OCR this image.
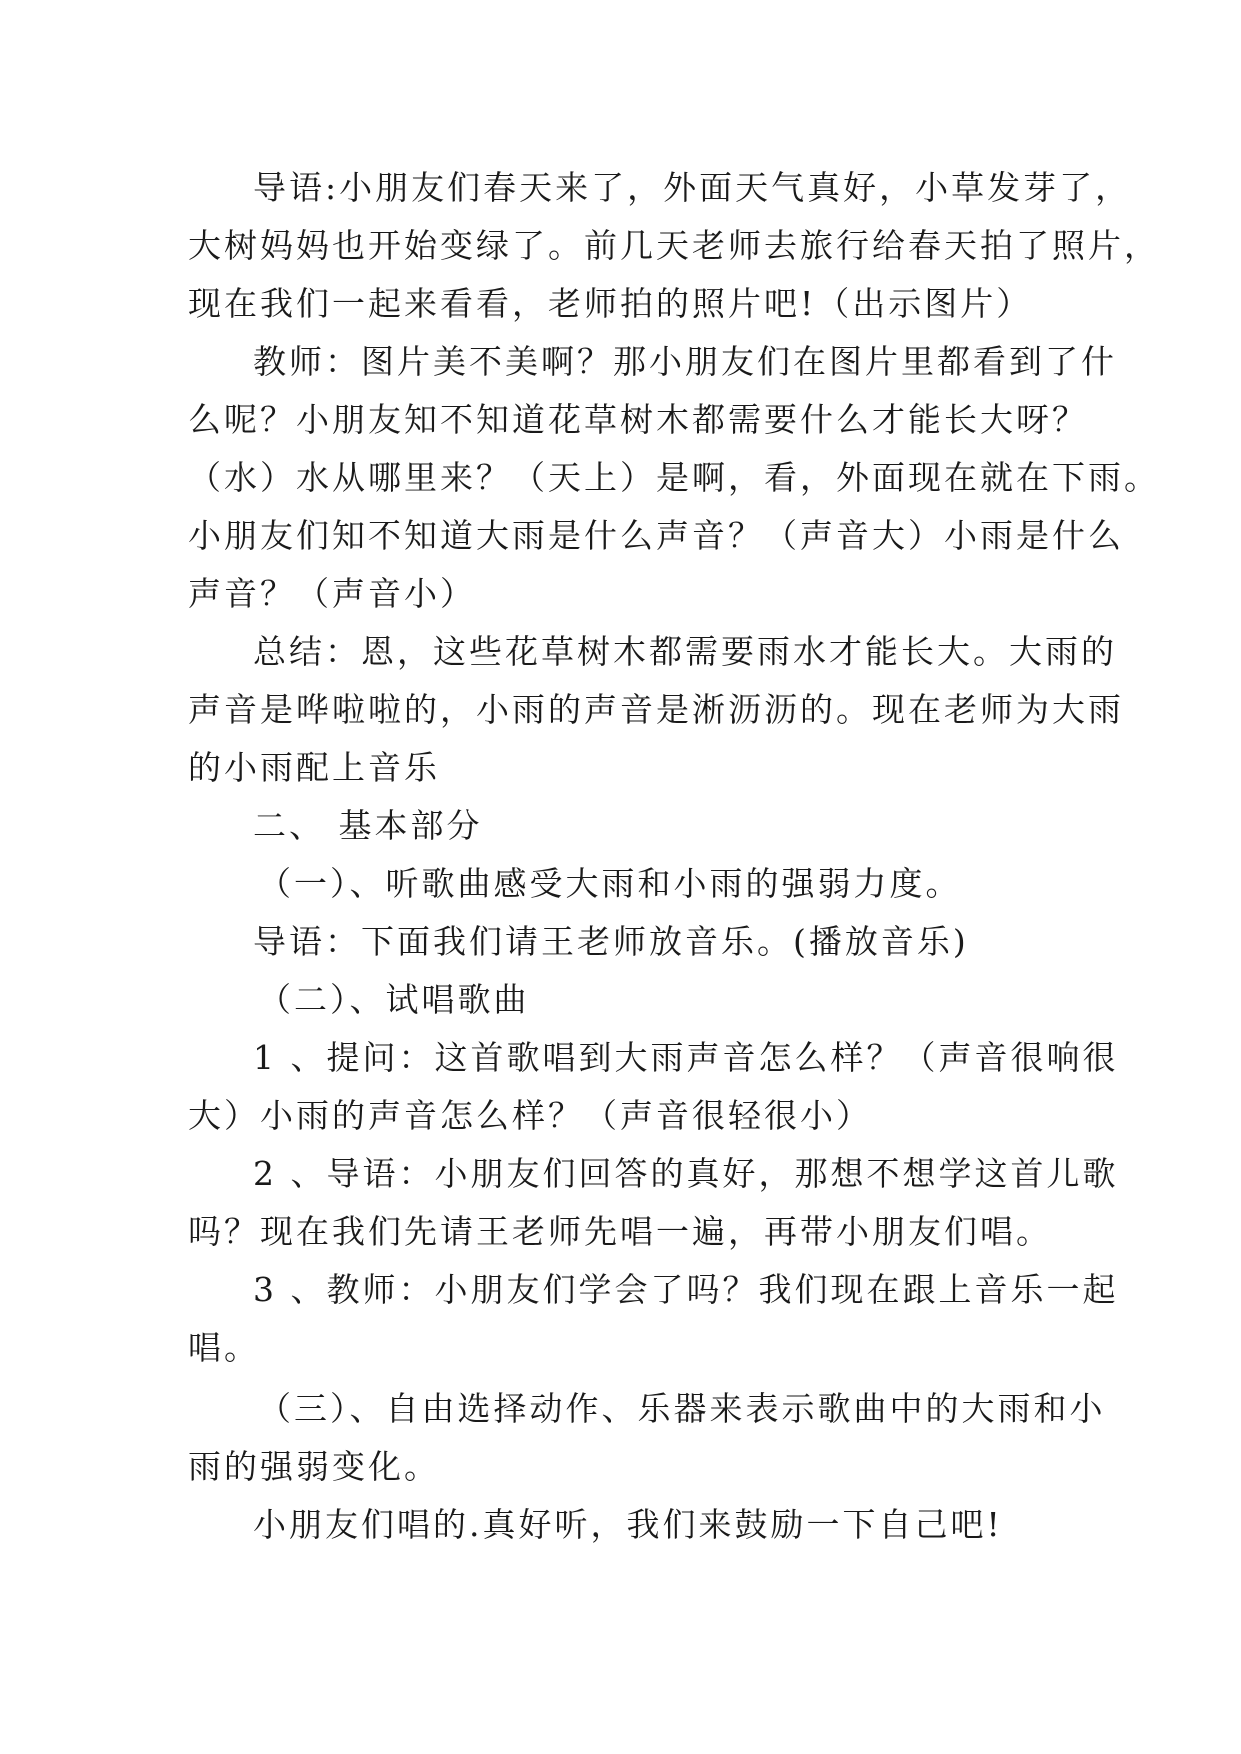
导语:小朋友们春天来了，外面天气真好，小草发芽了，
大树妈妈也开始变绿了。前几天老师去旅行给春天拍了照片，
现在我们一起来看看，老师拍的照片吧!（出示图片）
教师：图片美不美啊？那小朋友们在图片里都看到了什
么呢？小朋友知不知道花草树木都需要什么才能长大呀？
（水）水从哪里来？（天上）是啊，看，外面现在就在下雨。
小朋友们知不知道大雨是什么声音？（声音大）小雨是什么
声音？（声音小）
总结：恩，这些花草树木都需要雨水才能长大。大雨的
声音是哗啦啦的，小雨的声音是淅沥沥的。现在老师为大雨
的小雨配上音乐
二、 基本部分
（一）、听歌曲感受大雨和小雨的强弱力度。
导语：下面我们请王老师放音乐。(播放音乐)
（二）、试唱歌曲
1 、提问：这首歌唱到大雨声音怎么样？（声音很响很
大）小雨的声音怎么样？（声音很轻很小）
2 、导语：小朋友们回答的真好，那想不想学这首儿歌
吗？现在我们先请王老师先唱一遍，再带小朋友们唱。
3 、教师：小朋友们学会了吗？我们现在跟上音乐一起
唱。
（三）、自由选择动作、乐器来表示歌曲中的大雨和小
雨的强弱变化。
小朋友们唱的.真好听，我们来鼓励一下自己吧!
